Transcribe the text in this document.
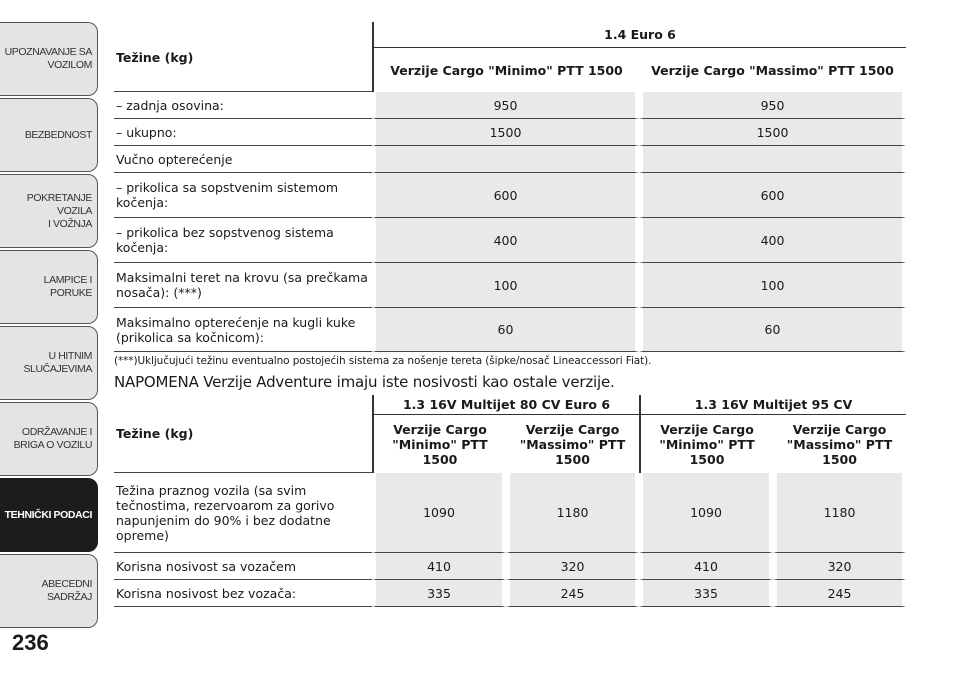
UPOZNAVANJE SA
VOZILOM
BEZBEDNOST
POKRETANJE VOZILA
I VOŽNJA
LAMPICE I PORUKE
U HITNIM
SLUČAJEVIMA
ODRŽAVANJE I
BRIGA O VOZILU
TEHNIČKI PODACI
ABECEDNI SADRŽAJ
236
Težine (kg)	1.4 Euro 6	
	Verzije Cargo "Minimo" PTT 1500	Verzije Cargo "Massimo" PTT 1500
– zadnja osovina:	950	950
– ukupno:	1500	1500
Vučno opterećenje		
– prikolica sa sopstvenim sistemom kočenja:	600	600
– prikolica bez sopstvenog sistema kočenja:	400	400
Maksimalni teret na krovu (sa prečkama nosača): (***)	100	100
Maksimalno opterećenje na kugli kuke (prikolica sa kočnicom):	60	60

(***)Uključujući težinu eventualno postojećih sistema za nošenje tereta (šipke/nosač Lineaccessori Fiat).

NAPOMENA Verzije Adventure imaju iste nosivosti kao ostale verzije.

Težine (kg)	1.3 16V Multijet 80 CV Euro 6		1.3 16V Multijet 95 CV	
	Verzije Cargo "Minimo" PTT 1500	Verzije Cargo "Massimo" PTT 1500	Verzije Cargo "Minimo" PTT 1500	Verzije Cargo "Massimo" PTT 1500
Težina praznog vozila (sa svim tečnostima, rezervoarom za gorivo napunjenim do 90% i bez dodatne opreme)	1090	1180	1090	1180
Korisna nosivost sa vozačem	410	320	410	320
Korisna nosivost bez vozača:	335	245	335	245
